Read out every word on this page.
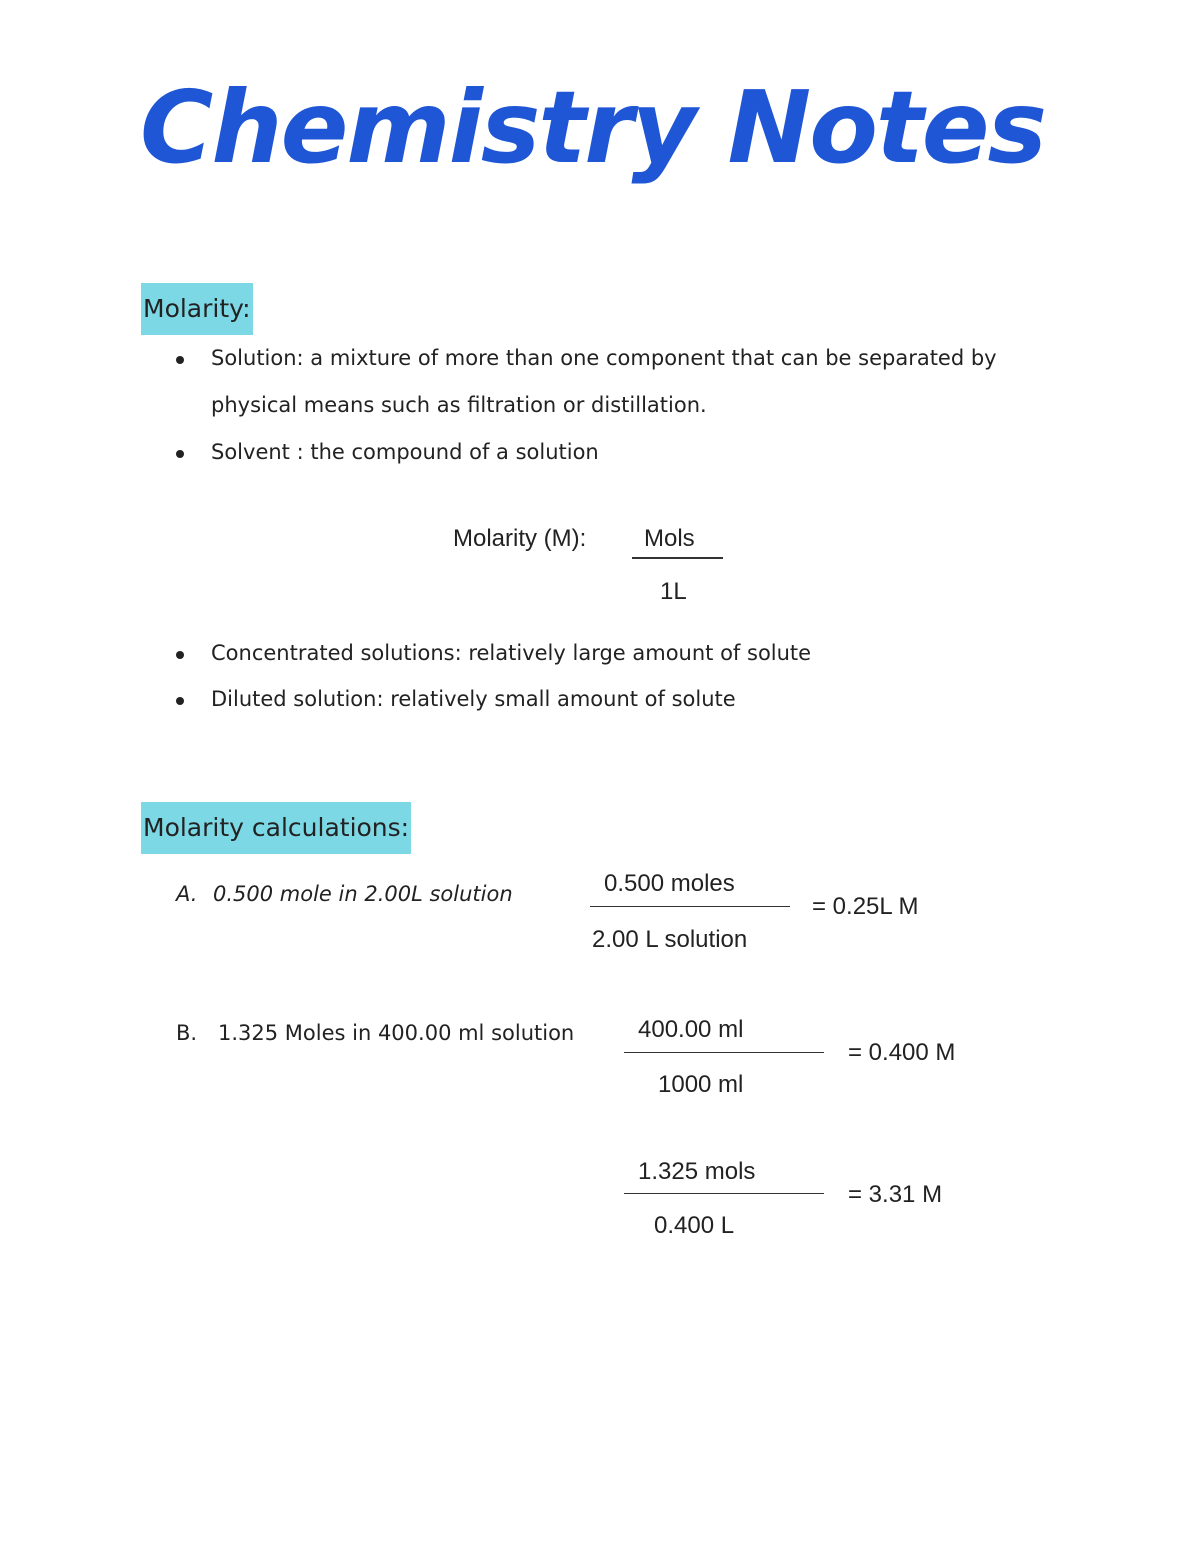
Chemistry Notes
Molarity:
Solution: a mixture of more than one component that can be separated by
physical means such as filtration or distillation.
Solvent : the compound of a solution
Molarity (M): Mols
1L
Concentrated solutions: relatively large amount of solute
Diluted solution: relatively small amount of solute
Molarity calculations:
A. 0.500 mole in 2.00L solution	0.500 moles
= 0.25L M
2.00 L solution
B. 1.325 Moles in 400.00 ml solution	400.00 ml
= 0.400 M
1000 ml
1.325 mols
= 3.31 M
0.400 L
